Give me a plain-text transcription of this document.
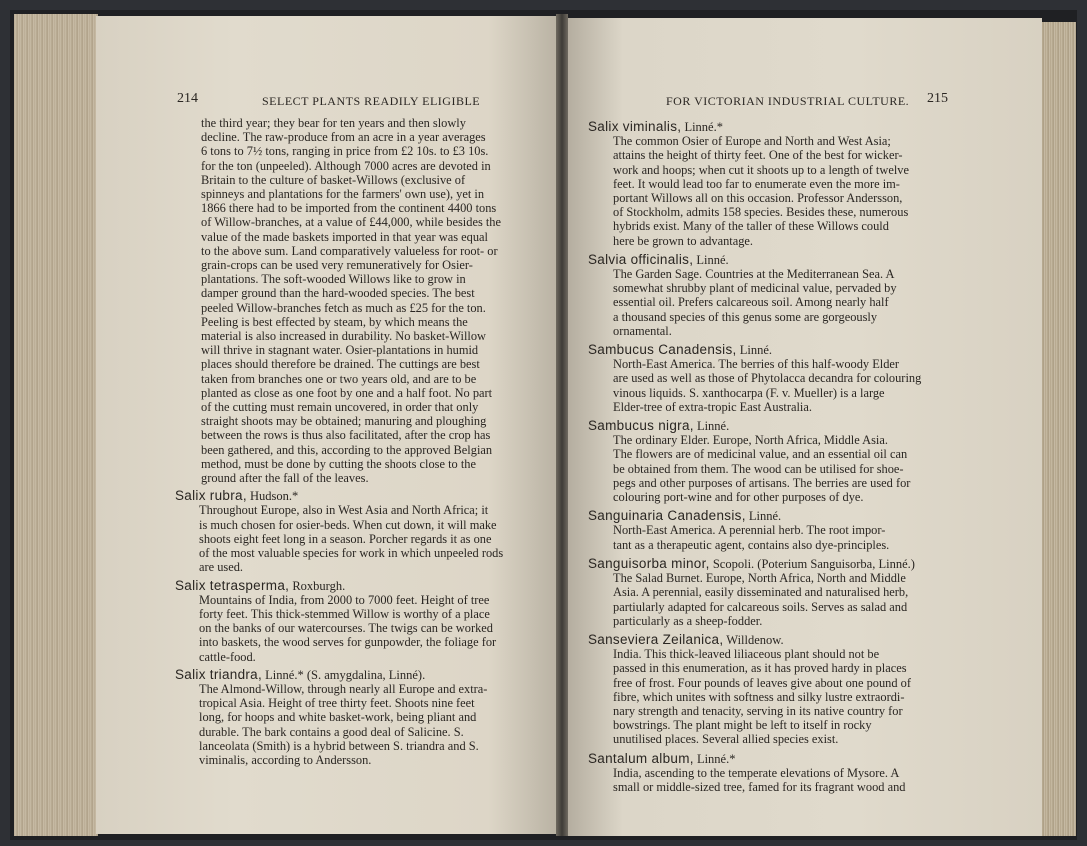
214	SELECT PLANTS READILY ELIGIBLE
the third year; they bear for ten years and then slowly
decline. The raw-produce from an acre in a year averages
6 tons to 7½ tons, ranging in price from £2 10s. to £3 10s.
for the ton (unpeeled). Although 7000 acres are devoted in
Britain to the culture of basket-Willows (exclusive of
spinneys and plantations for the farmers' own use), yet in
1866 there had to be imported from the continent 4400 tons
of Willow-branches, at a value of £44,000, while besides the
value of the made baskets imported in that year was equal
to the above sum. Land comparatively valueless for root- or
grain-crops can be used very remuneratively for Osier-
plantations. The soft-wooded Willows like to grow in
damper ground than the hard-wooded species. The best
peeled Willow-branches fetch as much as £25 for the ton.
Peeling is best effected by steam, by which means the
material is also increased in durability. No basket-Willow
will thrive in stagnant water. Osier-plantations in humid
places should therefore be drained. The cuttings are best
taken from branches one or two years old, and are to be
planted as close as one foot by one and a half foot. No part
of the cutting must remain uncovered, in order that only
straight shoots may be obtained; manuring and ploughing
between the rows is thus also facilitated, after the crop has
been gathered, and this, according to the approved Belgian
method, must be done by cutting the shoots close to the
ground after the fall of the leaves.
Salix rubra, Hudson.*
Throughout Europe, also in West Asia and North Africa; it
is much chosen for osier-beds. When cut down, it will make
shoots eight feet long in a season. Porcher regards it as one
of the most valuable species for work in which unpeeled rods
are used.
Salix tetrasperma, Roxburgh.
Mountains of India, from 2000 to 7000 feet. Height of tree
forty feet. This thick-stemmed Willow is worthy of a place
on the banks of our watercourses. The twigs can be worked
into baskets, the wood serves for gunpowder, the foliage for
cattle-food.
Salix triandra, Linné.* (S. amygdalina, Linné).
The Almond-Willow, through nearly all Europe and extra-
tropical Asia. Height of tree thirty feet. Shoots nine feet
long, for hoops and white basket-work, being pliant and
durable. The bark contains a good deal of Salicine. S.
lanceolata (Smith) is a hybrid between S. triandra and S.
viminalis, according to Andersson.
FOR VICTORIAN INDUSTRIAL CULTURE. 215
Salix viminalis, Linné.*
The common Osier of Europe and North and West Asia;
attains the height of thirty feet. One of the best for wicker-
work and hoops; when cut it shoots up to a length of twelve
feet. It would lead too far to enumerate even the more im-
portant Willows all on this occasion. Professor Andersson,
of Stockholm, admits 158 species. Besides these, numerous
hybrids exist. Many of the taller of these Willows could
here be grown to advantage.
Salvia officinalis, Linné.
The Garden Sage. Countries at the Mediterranean Sea. A
somewhat shrubby plant of medicinal value, pervaded by
essential oil. Prefers calcareous soil. Among nearly half
a thousand species of this genus some are gorgeously
ornamental.
Sambucus Canadensis, Linné.
North-East America. The berries of this half-woody Elder
are used as well as those of Phytolacca decandra for colouring
vinous liquids. S. xanthocarpa (F. v. Mueller) is a large
Elder-tree of extra-tropic East Australia.
Sambucus nigra, Linné.
The ordinary Elder. Europe, North Africa, Middle Asia.
The flowers are of medicinal value, and an essential oil can
be obtained from them. The wood can be utilised for shoe-
pegs and other purposes of artisans. The berries are used for
colouring port-wine and for other purposes of dye.
Sanguinaria Canadensis, Linné.
North-East America. A perennial herb. The root impor-
tant as a therapeutic agent, contains also dye-principles.
Sanguisorba minor, Scopoli. (Poterium Sanguisorba, Linné.)
The Salad Burnet. Europe, North Africa, North and Middle
Asia. A perennial, easily disseminated and naturalised herb,
partiularly adapted for calcareous soils. Serves as salad and
particularly as a sheep-fodder.
Sanseviera Zeilanica, Willdenow.
India. This thick-leaved liliaceous plant should not be
passed in this enumeration, as it has proved hardy in places
free of frost. Four pounds of leaves give about one pound of
fibre, which unites with softness and silky lustre extraordi-
nary strength and tenacity, serving in its native country for
bowstrings. The plant might be left to itself in rocky
unutilised places. Several allied species exist.
Santalum album, Linné.*
India, ascending to the temperate elevations of Mysore. A
small or middle-sized tree, famed for its fragrant wood and
